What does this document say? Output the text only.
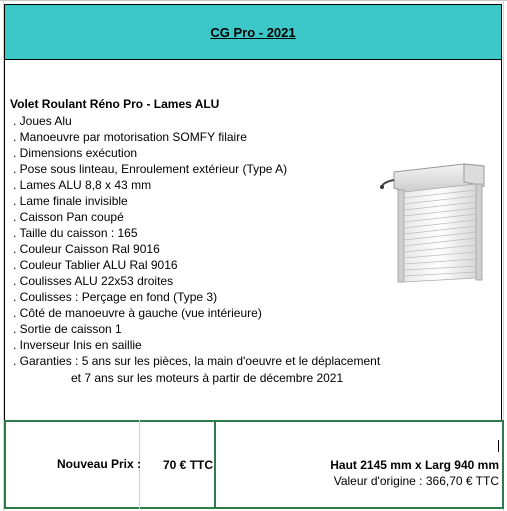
CG Pro - 2021
Volet Roulant Réno Pro - Lames ALU
. Joues Alu
. Manoeuvre par motorisation SOMFY filaire
. Dimensions exécution
. Pose sous linteau, Enroulement extérieur (Type A)
. Lames ALU 8,8 x 43 mm
. Lame finale invisible
. Caisson Pan coupé
. Taille du caisson : 165
. Couleur Caisson Ral 9016
. Couleur Tablier ALU Ral 9016
. Coulisses ALU 22x53 droites
. Coulisses : Perçage en fond (Type 3)
. Côté de manoeuvre à gauche (vue intérieure)
. Sortie de caisson 1
. Inverseur Inis en saillie
. Garanties : 5 ans sur les pièces, la main d'oeuvre et le déplacement
et 7 ans sur les moteurs à partir de décembre 2021
Nouveau Prix : 70 € TTC	Haut 2145 mm x Larg 940 mm
Valeur d'origine : 366,70 € TTC
